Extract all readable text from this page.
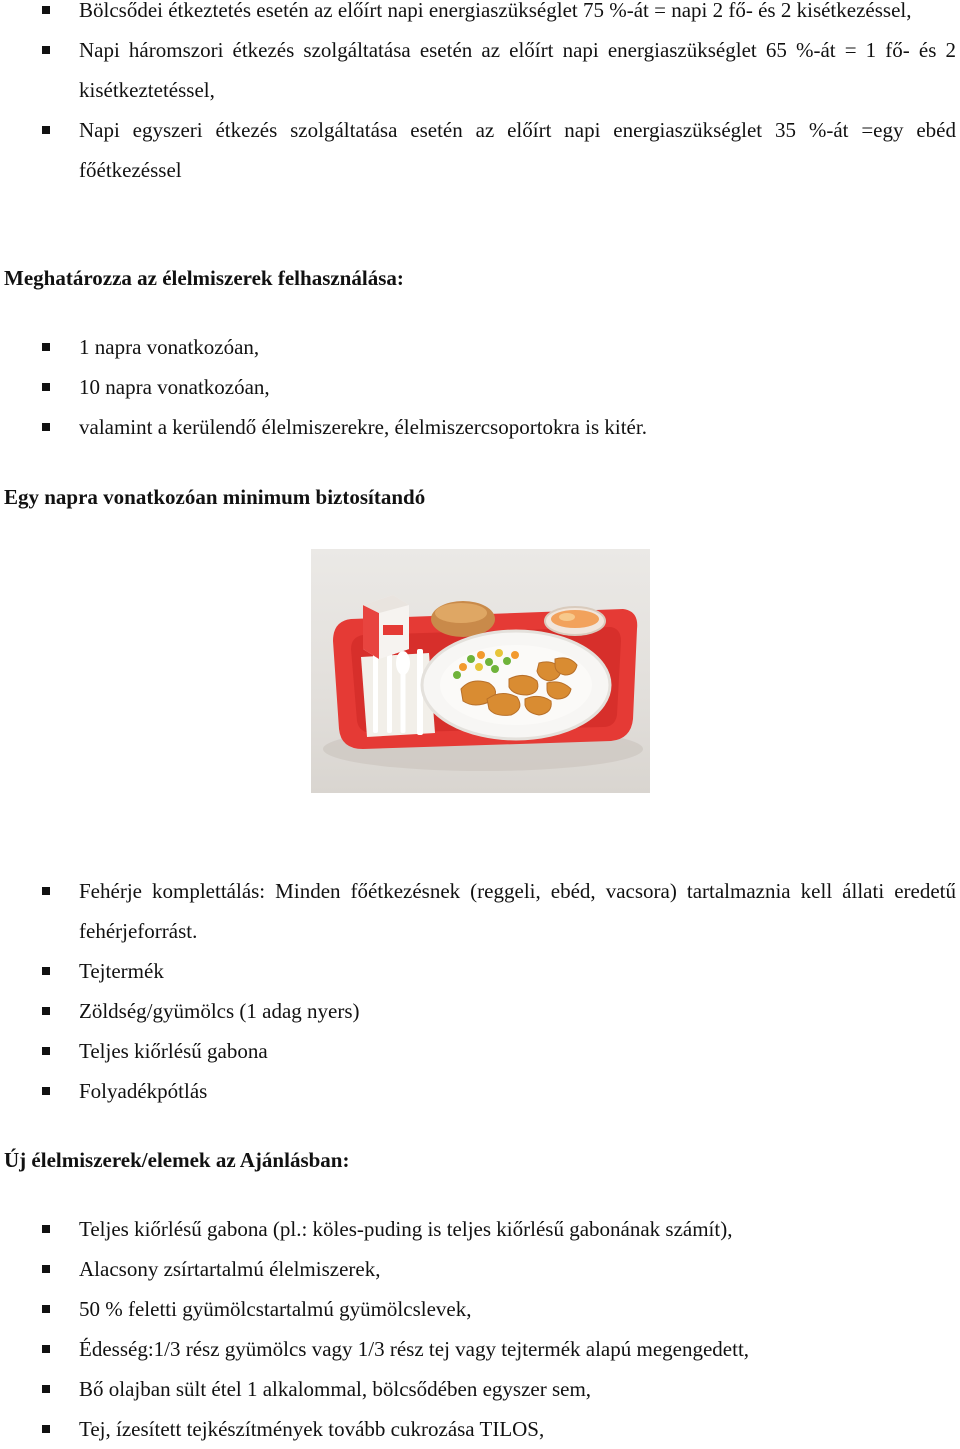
Bölcsődei étkeztetés esetén az előírt napi energiaszükséglet 75 %-át = napi 2 fő- és 2 kisétkezéssel,
Napi háromszori étkezés szolgáltatása esetén az előírt napi energiaszükséglet 65 %-át = 1 fő- és 2 kisétkeztetéssel,
Napi egyszeri étkezés szolgáltatása esetén az előírt napi energiaszükséglet 35 %-át =egy ebéd főétkezéssel
Meghatározza az élelmiszerek felhasználása:
1 napra vonatkozóan,
10 napra vonatkozóan,
valamint a kerülendő élelmiszerekre, élelmiszercsoportokra is kitér.
Egy napra vonatkozóan minimum biztosítandó
Fehérje komplettálás: Minden főétkezésnek (reggeli, ebéd, vacsora) tartalmaznia kell állati eredetű fehérjeforrást.
Tejtermék
Zöldség/gyümölcs (1 adag nyers)
Teljes kiőrlésű gabona
Folyadékpótlás
Új élelmiszerek/elemek az Ajánlásban:
Teljes kiőrlésű gabona (pl.: köles-puding is teljes kiőrlésű gabonának számít),
Alacsony zsírtartalmú élelmiszerek,
50 % feletti gyümölcstartalmú gyümölcslevek,
Édesség:1/3 rész gyümölcs vagy 1/3 rész tej vagy tejtermék alapú megengedett,
Bő olajban sült étel 1 alkalommal, bölcsődében egyszer sem,
Tej, ízesített tejkészítmények tovább cukrozása TILOS,
